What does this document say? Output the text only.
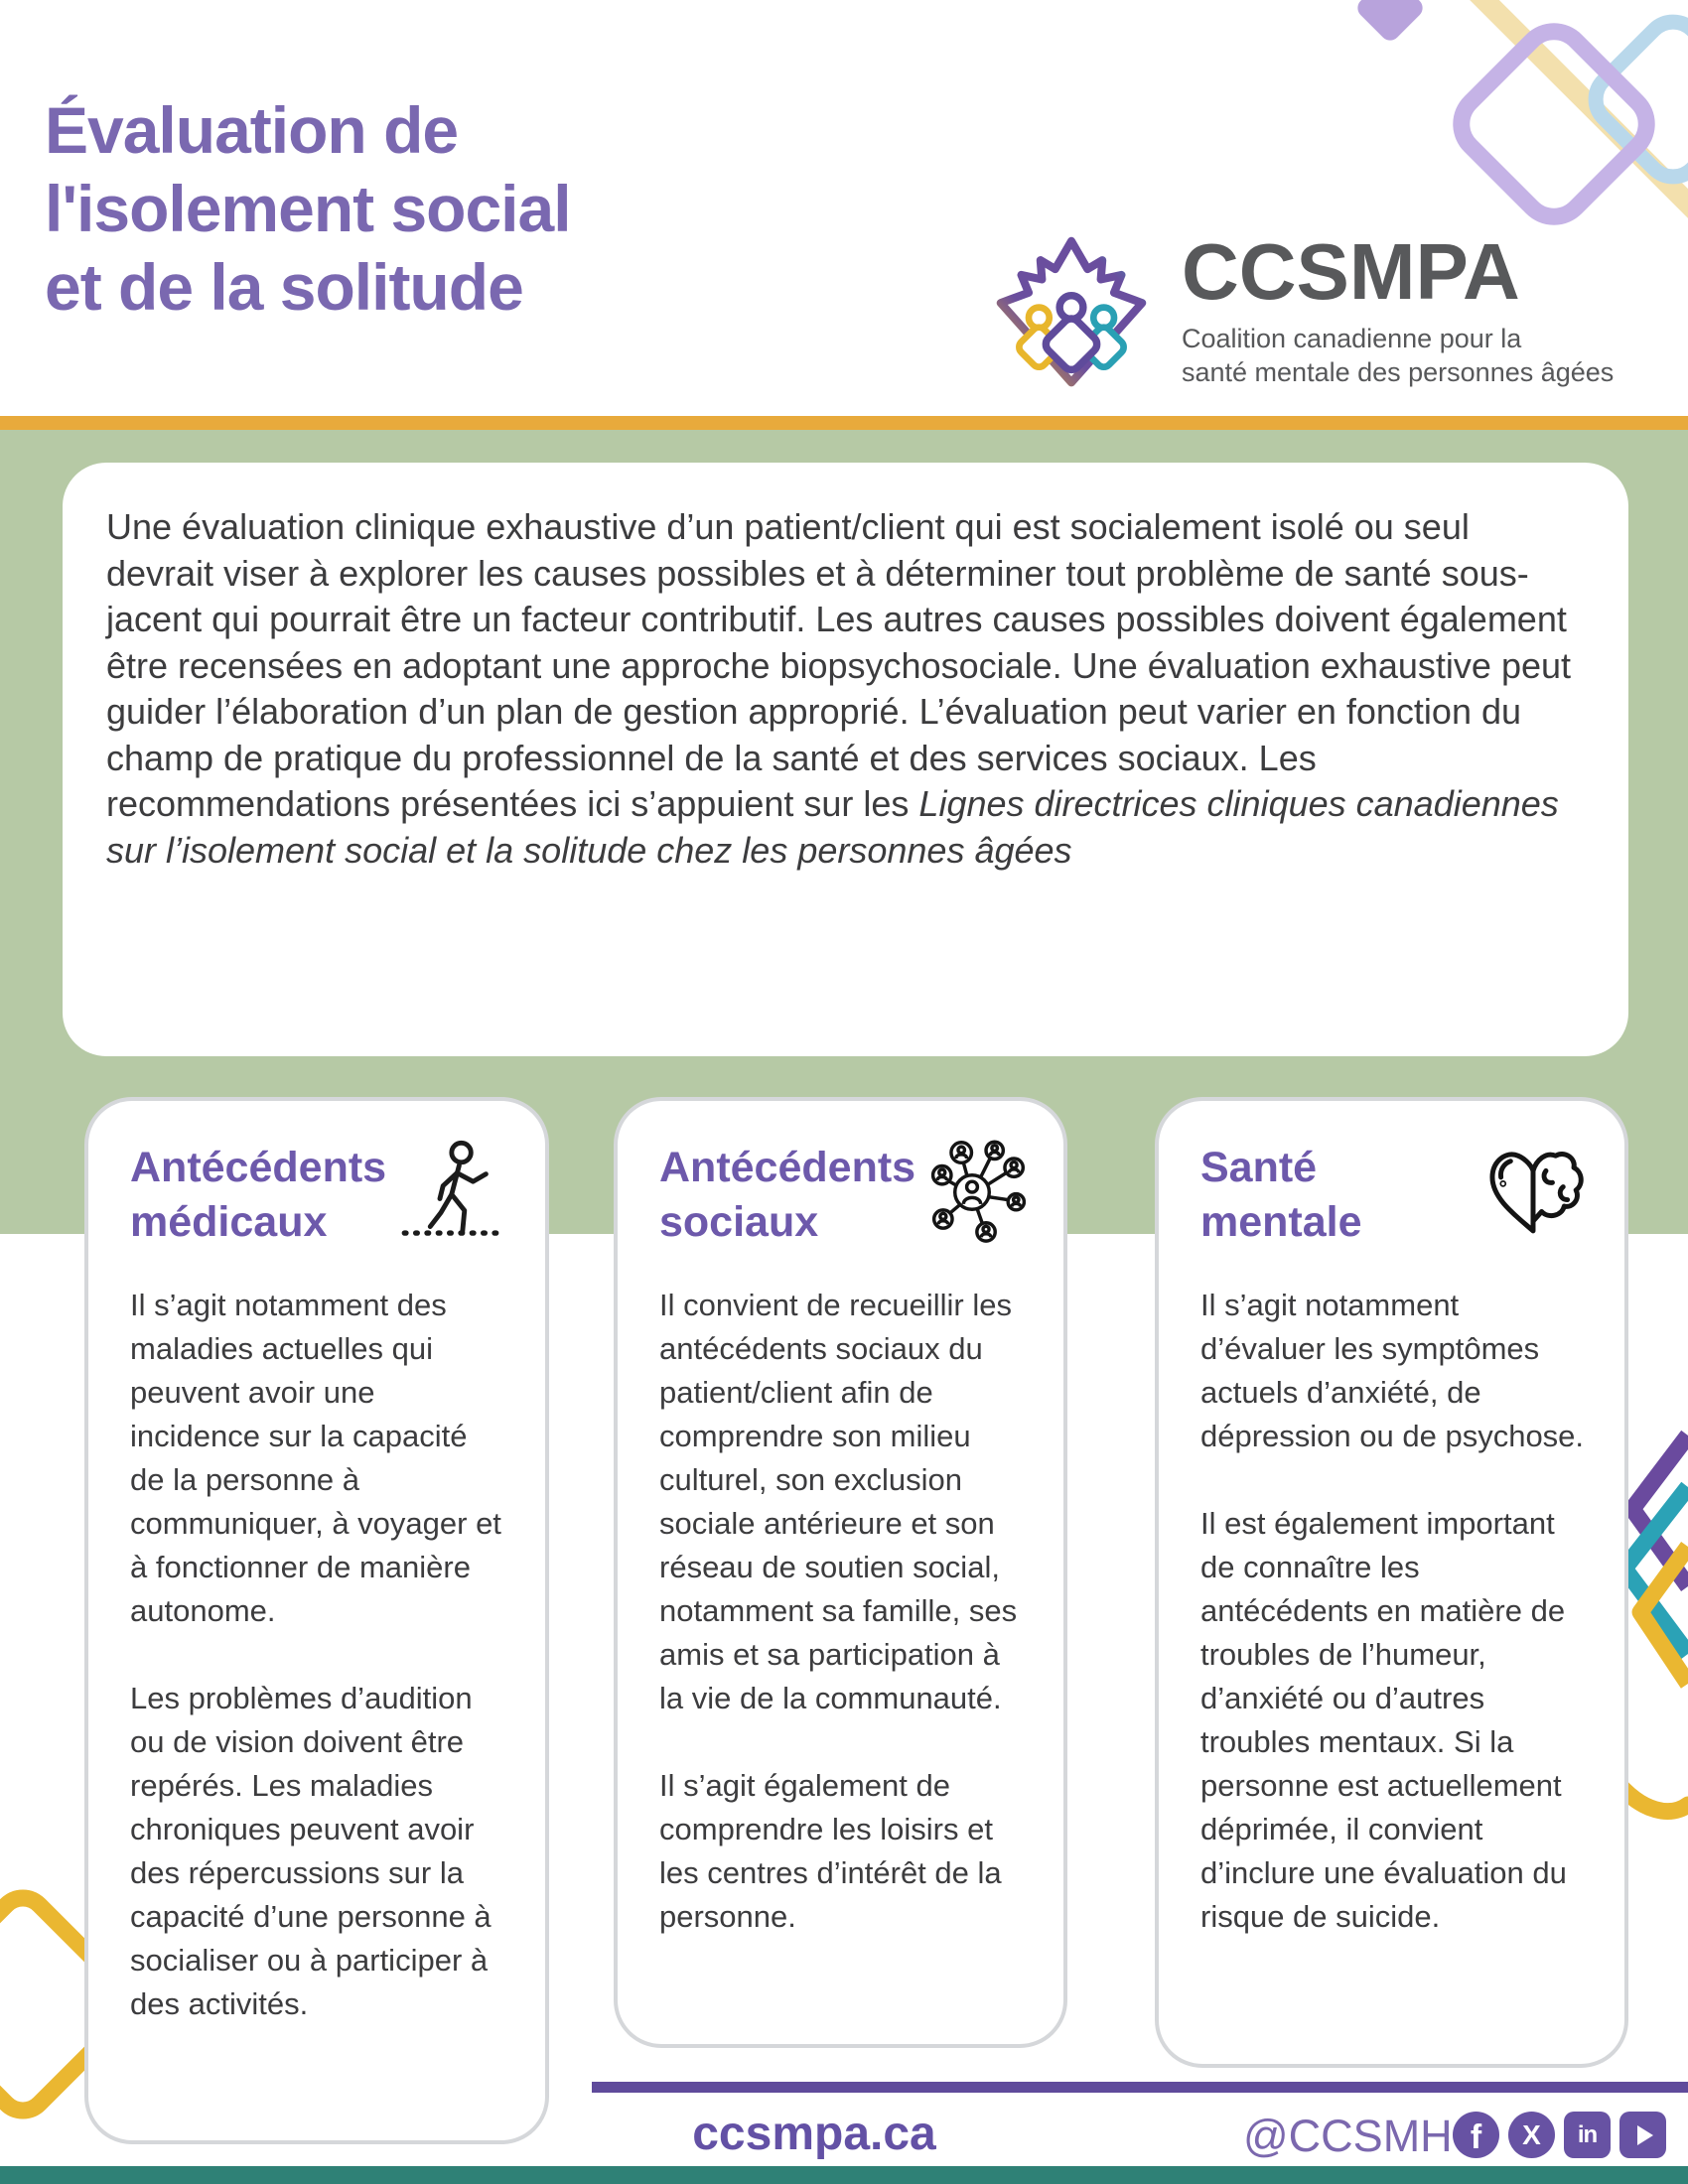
Évaluation de
l'isolement social
et de la solitude	CCSMPA
Coalition canadienne pour la
santé mentale des personnes âgées

Une évaluation clinique exhaustive d’un patient/client qui est socialement isolé ou seul devrait viser à explorer les causes possibles et à déterminer tout problème de santé sous-jacent qui pourrait être un facteur contributif. Les autres causes possibles doivent également être recensées en adoptant une approche biopsychosociale. Une évaluation exhaustive peut guider l’élaboration d’un plan de gestion approprié. L’évaluation peut varier en fonction du champ de pratique du professionnel de la santé et des services sociaux. Les recommendations présentées ici s’appuient sur les Lignes directrices cliniques canadiennes sur l’isolement social et la solitude chez les personnes âgées

Antécédents
médicaux

Il s’agit notamment des maladies actuelles qui peuvent avoir une incidence sur la capacité de la personne à communiquer, à voyager et à fonctionner de manière autonome.

Les problèmes d’audition ou de vision doivent être repérés. Les maladies chroniques peuvent avoir des répercussions sur la capacité d’une personne à socialiser ou à participer à des activités.

Antécédents
sociaux

Il convient de recueillir les antécédents sociaux du patient/client afin de comprendre son milieu culturel, son exclusion sociale antérieure et son réseau de soutien social, notamment sa famille, ses amis et sa participation à la vie de la communauté.

Il s’agit également de comprendre les loisirs et les centres d’intérêt de la personne.

Santé
mentale

Il s’agit notamment d’évaluer les symptômes actuels d’anxiété, de dépression ou de psychose.

Il est également important de connaître les antécédents en matière de troubles de l’humeur, d’anxiété ou d’autres troubles mentaux. Si la personne est actuellement déprimée, il convient d’inclure une évaluation du risque de suicide.

ccsmpa.ca	@CCSMH f X in
